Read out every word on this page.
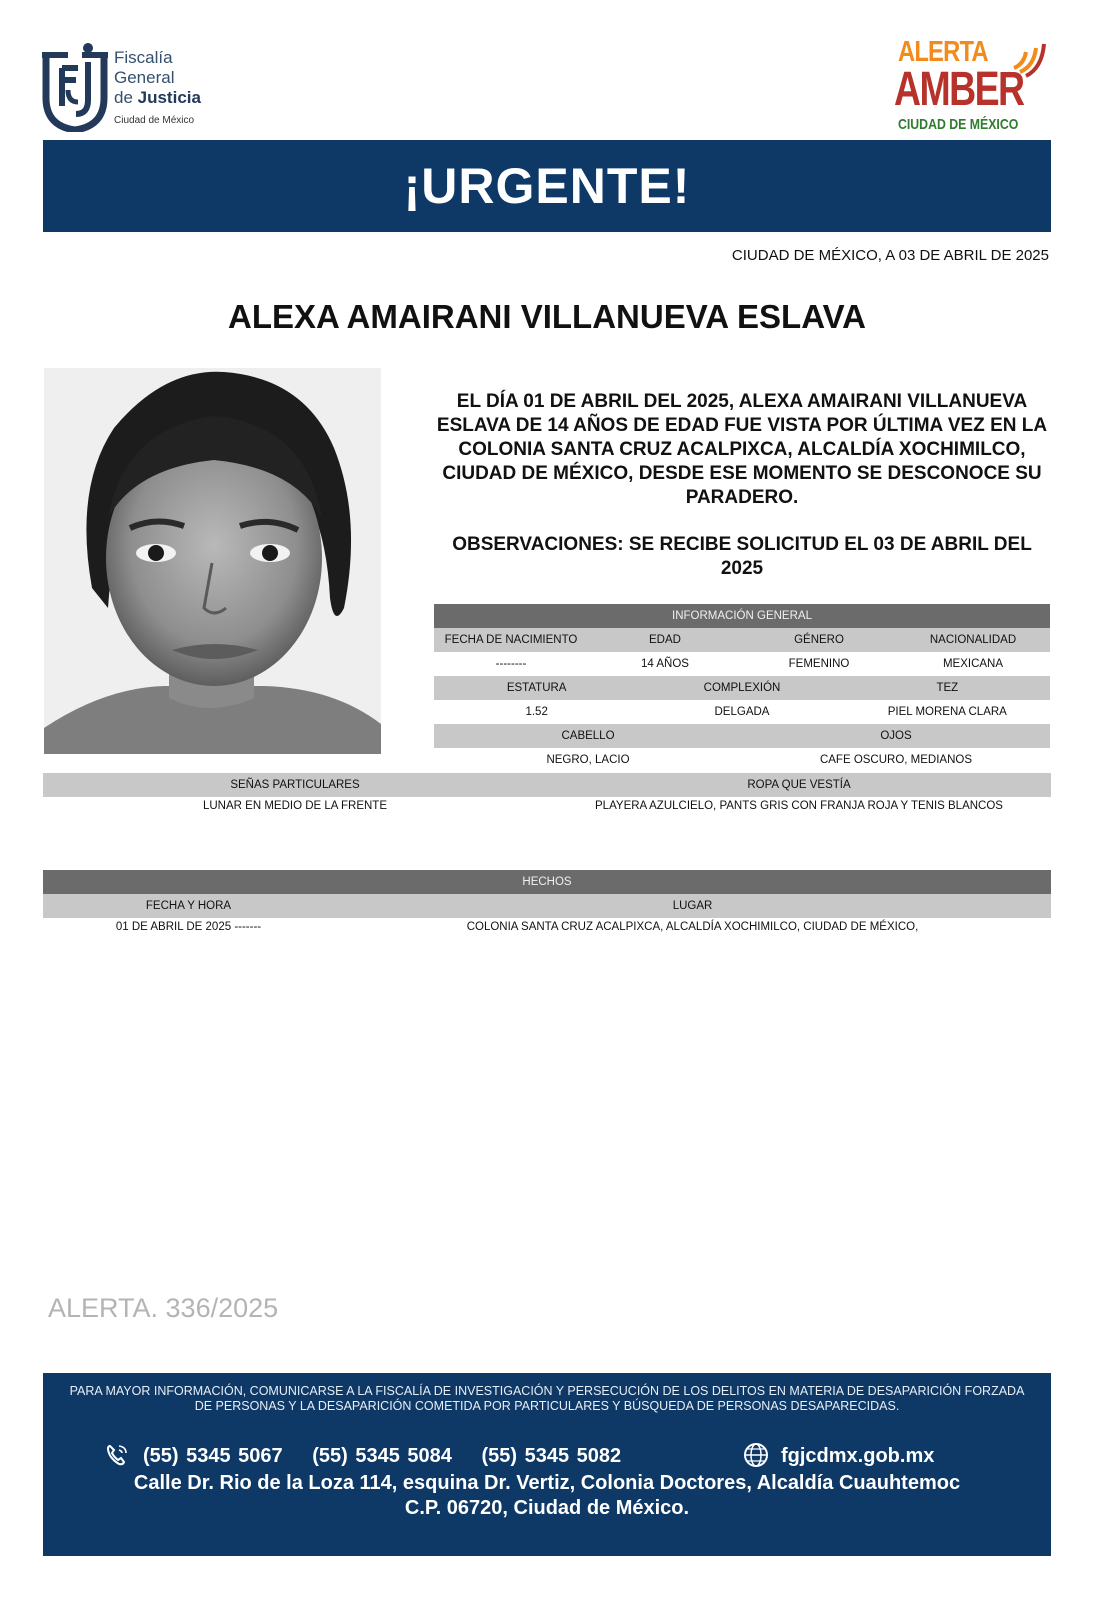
Fiscalía
General
de Justicia
Ciudad de México
ALERTA
AMBER
CIUDAD DE MÉXICO
¡URGENTE!
CIUDAD DE MÉXICO, A 03 DE ABRIL DE 2025
ALEXA AMAIRANI VILLANUEVA ESLAVA
EL DÍA 01 DE ABRIL DEL 2025, ALEXA AMAIRANI VILLANUEVA ESLAVA DE 14 AÑOS DE EDAD FUE VISTA POR ÚLTIMA VEZ EN LA COLONIA SANTA CRUZ ACALPIXCA, ALCALDÍA XOCHIMILCO, CIUDAD DE MÉXICO, DESDE ESE MOMENTO SE DESCONOCE SU PARADERO.
OBSERVACIONES: SE RECIBE SOLICITUD EL 03 DE ABRIL DEL 2025
INFORMACIÓN GENERAL
FECHA DE NACIMIENTO	EDAD	GÉNERO	NACIONALIDAD
--------	14 AÑOS	FEMENINO	MEXICANA
ESTATURA	COMPLEXIÓN	TEZ
1.52	DELGADA	PIEL MORENA CLARA
CABELLO	OJOS
NEGRO, LACIO	CAFE OSCURO, MEDIANOS
SEÑAS PARTICULARES	ROPA QUE VESTÍA
LUNAR EN MEDIO DE LA FRENTE	PLAYERA AZULCIELO, PANTS GRIS CON FRANJA ROJA Y TENIS BLANCOS
HECHOS
FECHA Y HORA	LUGAR
01 DE ABRIL DE 2025 -------	COLONIA SANTA CRUZ ACALPIXCA, ALCALDÍA XOCHIMILCO, CIUDAD DE MÉXICO,
ALERTA. 336/2025
PARA MAYOR INFORMACIÓN, COMUNICARSE A LA FISCALÍA DE INVESTIGACIÓN Y PERSECUCIÓN DE LOS DELITOS EN MATERIA DE DESAPARICIÓN FORZADA DE PERSONAS Y LA DESAPARICIÓN COMETIDA POR PARTICULARES Y BÚSQUEDA DE PERSONAS DESAPARECIDAS.
(55) 5345 5067 (55) 5345 5084 (55) 5345 5082	fgjcdmx.gob.mx
Calle Dr. Rio de la Loza 114, esquina Dr. Vertiz, Colonia Doctores, Alcaldía Cuauhtemoc
C.P. 06720, Ciudad de México.
